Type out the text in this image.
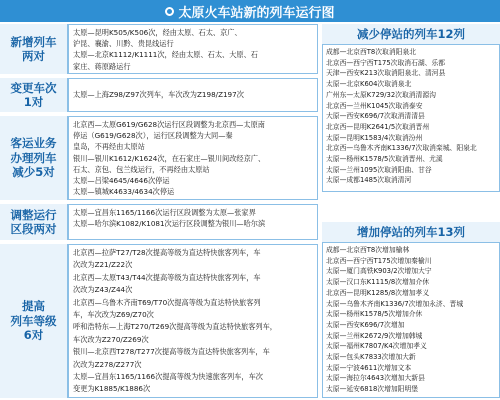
太原火车站新的列车运行图
新增列车
两对
太原—昆明K505/K506次，经由太原、石太、京广、
沪昆、襄渝、川黔、贵昆线运行
太原—北京K1112/K1111次，经由太原、石太、大原、石
家庄、蒋原路运行
变更车次
1对
太原—上海Z98/Z97次列车，车次改为Z198/Z197次
客运业务
办理列车
减少5对
北京西—太原G619/G628次运行区段调整为北京西—太原南
停运（G619/G628次），运行区段调整为大同—秦
皇岛，不再经由太原站
银川—银川K1612/K1624次，在石家庄—银川间改经京广、
石太、京包、包兰线运行，不再经由太原站
太原—吕梁4645/4646次停运
太原—镇城K4633/4634次停运
调整运行
区段两对
太原—宜昌东1165/1166次运行区段调整为太原—张家界
太原—哈尔滨K1082/K1081次运行区段调整为银川—哈尔滨
提高
列车等级
6对
北京西—拉萨T27/T28次提高等级为直达特快旅客列车，车
次改为Z21/Z22次
北京西—太原T43/T44次提高等级为直达特快旅客列车，车
次改为Z43/Z44次
北京西—乌鲁木齐南T69/T70次提高等级为直达特快旅客列
车，车次改为Z69/Z70次
呼和浩特东—上海T270/T269次提高等级为直达特快旅客列车，
车次改为Z270/Z269次
银川—北京西T278/T277次提高等级为直达特快旅客列车，车
次改为Z278/Z277次
太原—宜昌东1165/1166次提高等级为快速旅客列车，车次
变更为K1885/K1886次
减少停站的列车12列
成都—北京西T8次取消阳泉北
北京西—西宁西T175次取消石湖、乐都
天津—西安K213次取消阳泉北、清河县
太原—北京K604次取消泉北
广州东—太原K729/32次取消清源沟
北京西—兰州K1045次取消泰安
大原—西安K696/7次取消清清县
北京西—昆明K2641/5次取消晋州
太原—昆明K1583/4次取消汾州
北京西—乌鲁木齐南K1336/7次取消栾城、阳泉北
太原—杨州K1578/5次取消晋州、尤溪
太原—兰州1095次取消阳曲、甘谷
太原—成都1485次取消清河
增加停站的列车13列
成都—北京西T8次增加榆林
北京西—西宁西T175次增加秦榆川
太原—厦门高铁K903/2次增加大宁
太原—汉口东K1115/8次增加介休
北京西—昆明K1285/8次增加孝义
太原—乌鲁木齐南K1336/7次增加永济、晋城
太原—杨州K1578/5次增加介休
太原—西安K696/7次增加
太原—兰州K2672/9次增加韩城
太原—福州K7807/K4次增加孝义
太原—包头K7833次增加大新
太原—宁波4611次增加文本
太原—海拉尔4643次增加大新县
太原—延安6818次增加阳明堡
